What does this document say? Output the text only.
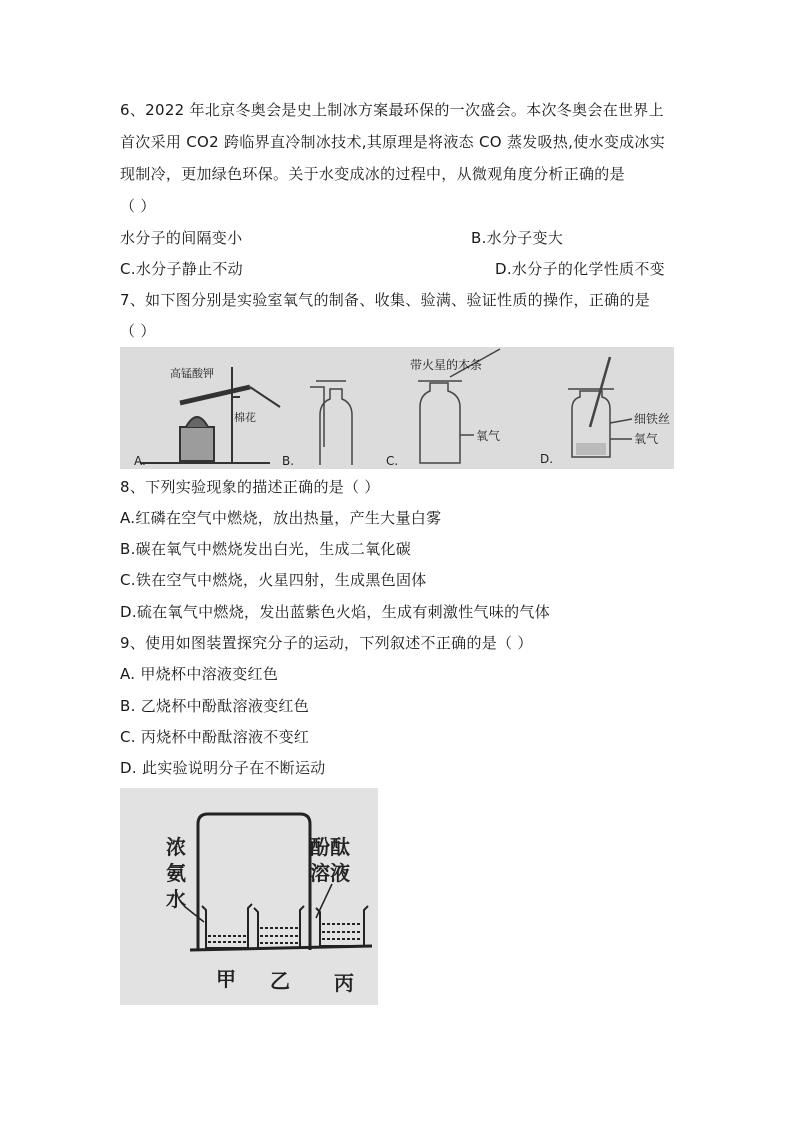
6、2022 年北京冬奥会是史上制冰方案最环保的一次盛会。本次冬奥会在世界上
首次采用 CO2 跨临界直冷制冰技术,其原理是将液态 CO 蒸发吸热,使水变成冰实
现制冷，更加绿色环保。关于水变成冰的过程中，从微观角度分析正确的是
（ ）
水分子的间隔变小	B.水分子变大
C.水分子静止不动	D.水分子的化学性质不变
7、如下图分别是实验室氧气的制备、收集、验满、验证性质的操作，正确的是
（ ）
高锰酸钾
棉花
A.	B.
带火星的木条
氧气
C.
细铁丝
氧气
D.
8、下列实验现象的描述正确的是（ ）
A.红磷在空气中燃烧，放出热量，产生大量白雾
B.碳在氧气中燃烧发出白光，生成二氧化碳
C.铁在空气中燃烧，火星四射，生成黑色固体
D.硫在氧气中燃烧，发出蓝紫色火焰，生成有刺激性气味的气体
9、使用如图装置探究分子的运动，下列叙述不正确的是（ ）
A. 甲烧杯中溶液变红色
B. 乙烧杯中酚酞溶液变红色
C. 丙烧杯中酚酞溶液不变红
D. 此实验说明分子在不断运动
浓
氨
水
酚酞
溶液
甲 乙 丙
